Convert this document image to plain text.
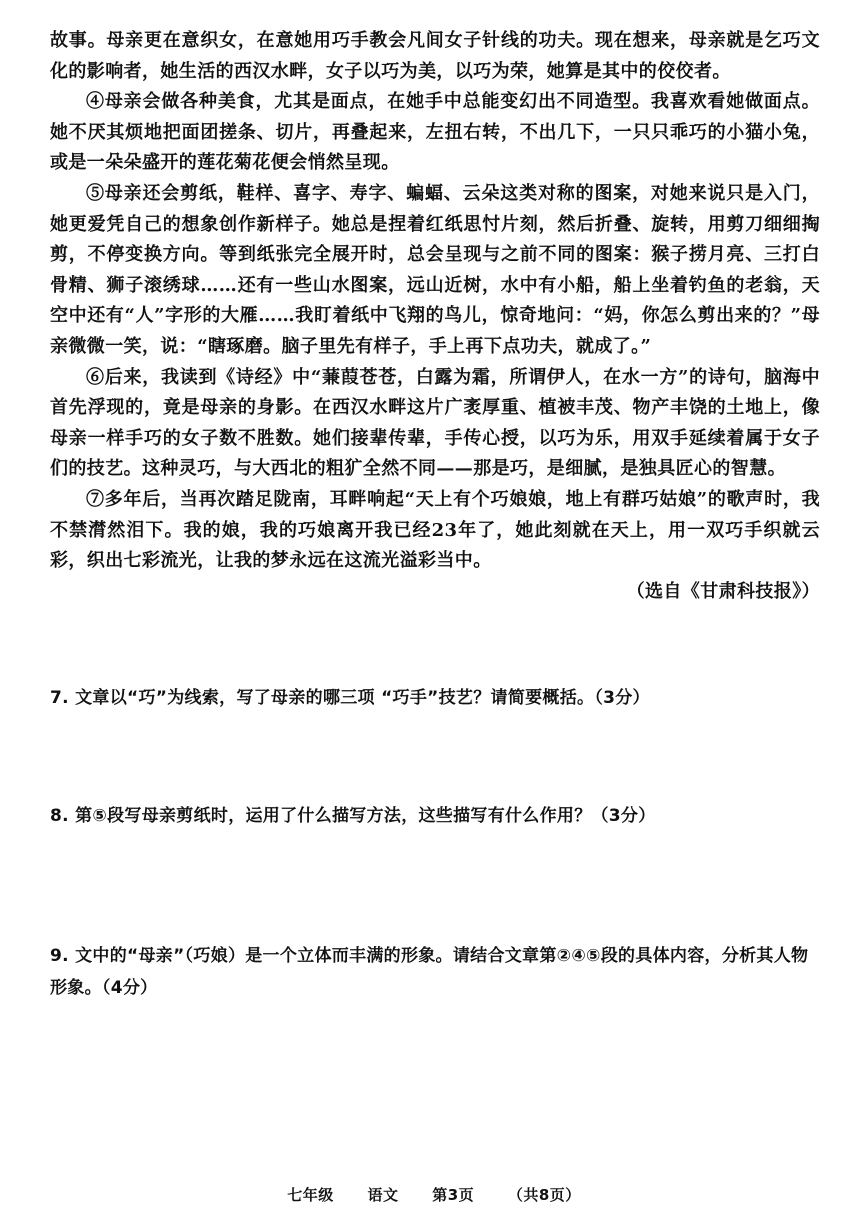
故事。母亲更在意织女，在意她用巧手教会凡间女子针线的功夫。现在想来，母亲就是乞巧文化的影响者，她生活的西汉水畔，女子以巧为美，以巧为荣，她算是其中的佼佼者。

④母亲会做各种美食，尤其是面点，在她手中总能变幻出不同造型。我喜欢看她做面点。她不厌其烦地把面团搓条、切片，再叠起来，左扭右转，不出几下，一只只乖巧的小猫小兔，或是一朵朵盛开的莲花菊花便会悄然呈现。

⑤母亲还会剪纸，鞋样、喜字、寿字、蝙蝠、云朵这类对称的图案，对她来说只是入门，她更爱凭自己的想象创作新样子。她总是捏着红纸思忖片刻，然后折叠、旋转，用剪刀细细掏剪，不停变换方向。等到纸张完全展开时，总会呈现与之前不同的图案：猴子捞月亮、三打白骨精、狮子滚绣球……还有一些山水图案，远山近树，水中有小船，船上坐着钓鱼的老翁，天空中还有“人”字形的大雁……我盯着纸中飞翔的鸟儿，惊奇地问：“妈，你怎么剪出来的？”母亲微微一笑，说：“瞎琢磨。脑子里先有样子，手上再下点功夫，就成了。”

⑥后来，我读到《诗经》中“蒹葭苍苍，白露为霜，所谓伊人，在水一方”的诗句，脑海中首先浮现的，竟是母亲的身影。在西汉水畔这片广袤厚重、植被丰茂、物产丰饶的土地上，像母亲一样手巧的女子数不胜数。她们接辈传辈，手传心授，以巧为乐，用双手延续着属于女子们的技艺。这种灵巧，与大西北的粗犷全然不同——那是巧，是细腻，是独具匠心的智慧。

⑦多年后，当再次踏足陇南，耳畔响起“天上有个巧娘娘，地上有群巧姑娘”的歌声时，我不禁潸然泪下。我的娘，我的巧娘离开我已经23年了，她此刻就在天上，用一双巧手织就云彩，织出七彩流光，让我的梦永远在这流光溢彩当中。

（选自《甘肃科技报》）

7. 文章以“巧”为线索，写了母亲的哪三项 “巧手”技艺？请简要概括。（3分）
8. 第⑤段写母亲剪纸时，运用了什么描写方法，这些描写有什么作用？（3分）
9. 文中的“母亲”（巧娘）是一个立体而丰满的形象。请结合文章第②④⑤段的具体内容，分析其人物形象。（4分）
七年级 语文 第3页 （共8页）
